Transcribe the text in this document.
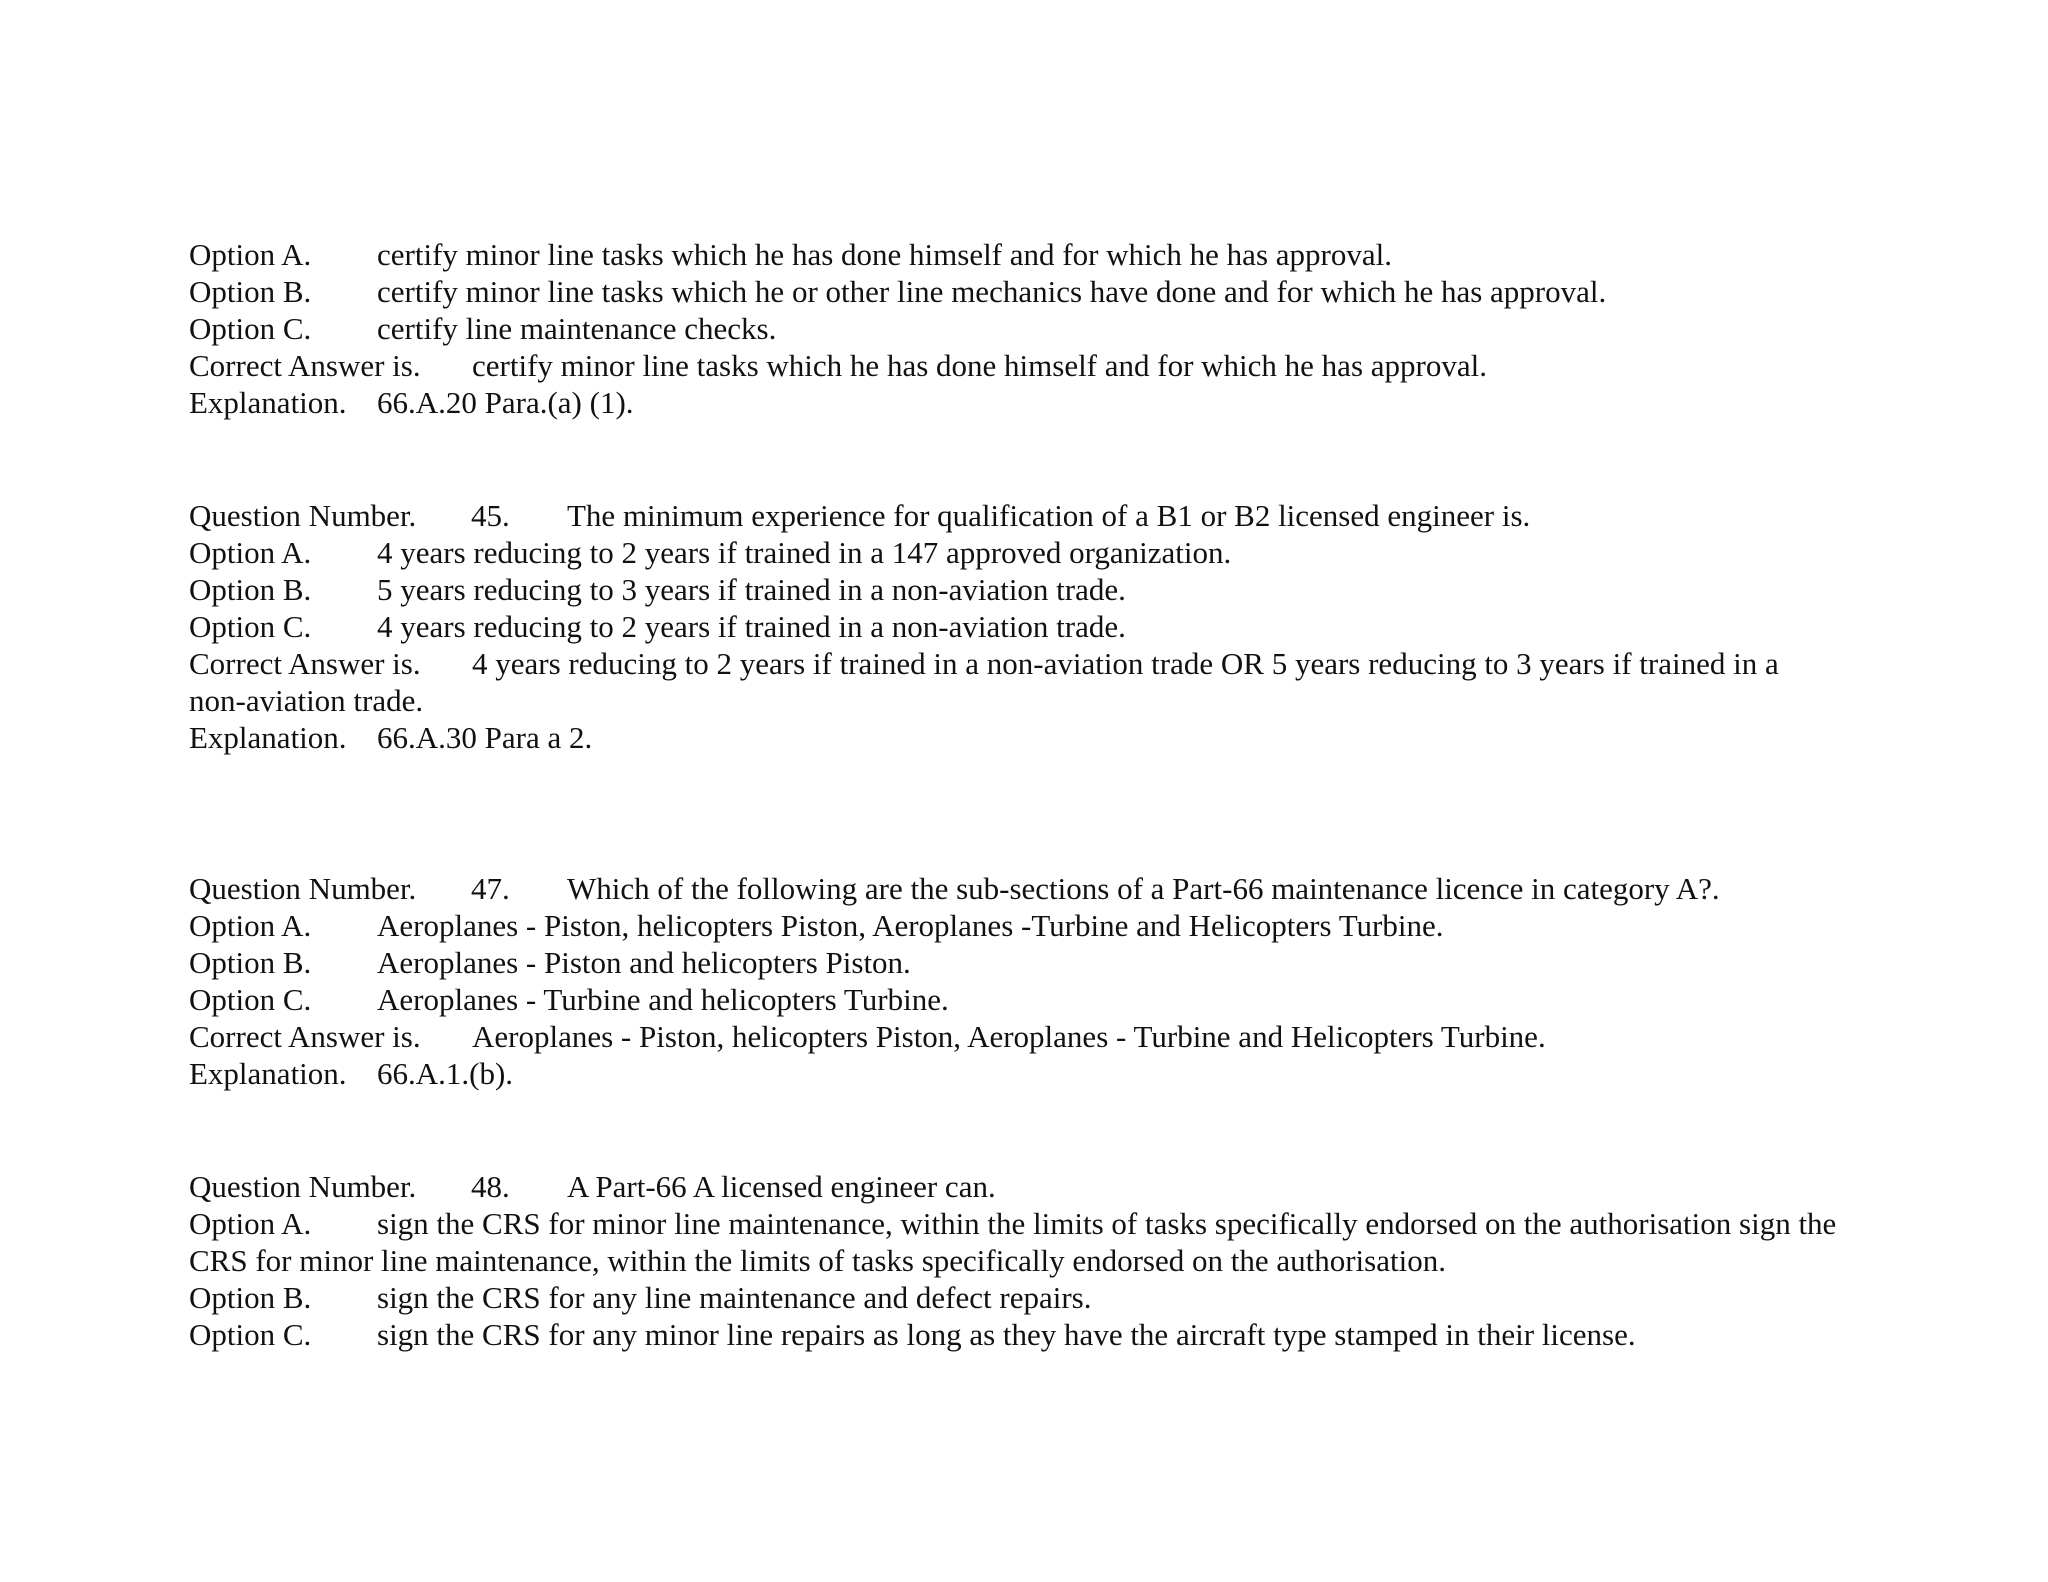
Option A. certify minor line tasks which he has done himself and for which he has approval.
Option B. certify minor line tasks which he or other line mechanics have done and for which he has approval.
Option C. certify line maintenance checks.
Correct Answer is. certify minor line tasks which he has done himself and for which he has approval.
Explanation. 66.A.20 Para.(a) (1).
Question Number. 45. The minimum experience for qualification of a B1 or B2 licensed engineer is.
Option A. 4 years reducing to 2 years if trained in a 147 approved organization.
Option B. 5 years reducing to 3 years if trained in a non-aviation trade.
Option C. 4 years reducing to 2 years if trained in a non-aviation trade.
Correct Answer is. 4 years reducing to 2 years if trained in a non-aviation trade OR 5 years reducing to 3 years if trained in a
non-aviation trade.
Explanation. 66.A.30 Para a 2.
Question Number. 47. Which of the following are the sub-sections of a Part-66 maintenance licence in category A?.
Option A. Aeroplanes - Piston, helicopters Piston, Aeroplanes -Turbine and Helicopters Turbine.
Option B. Aeroplanes - Piston and helicopters Piston.
Option C. Aeroplanes - Turbine and helicopters Turbine.
Correct Answer is. Aeroplanes - Piston, helicopters Piston, Aeroplanes - Turbine and Helicopters Turbine.
Explanation. 66.A.1.(b).
Question Number. 48. A Part-66 A licensed engineer can.
Option A. sign the CRS for minor line maintenance, within the limits of tasks specifically endorsed on the authorisation sign the
CRS for minor line maintenance, within the limits of tasks specifically endorsed on the authorisation.
Option B. sign the CRS for any line maintenance and defect repairs.
Option C. sign the CRS for any minor line repairs as long as they have the aircraft type stamped in their license.
